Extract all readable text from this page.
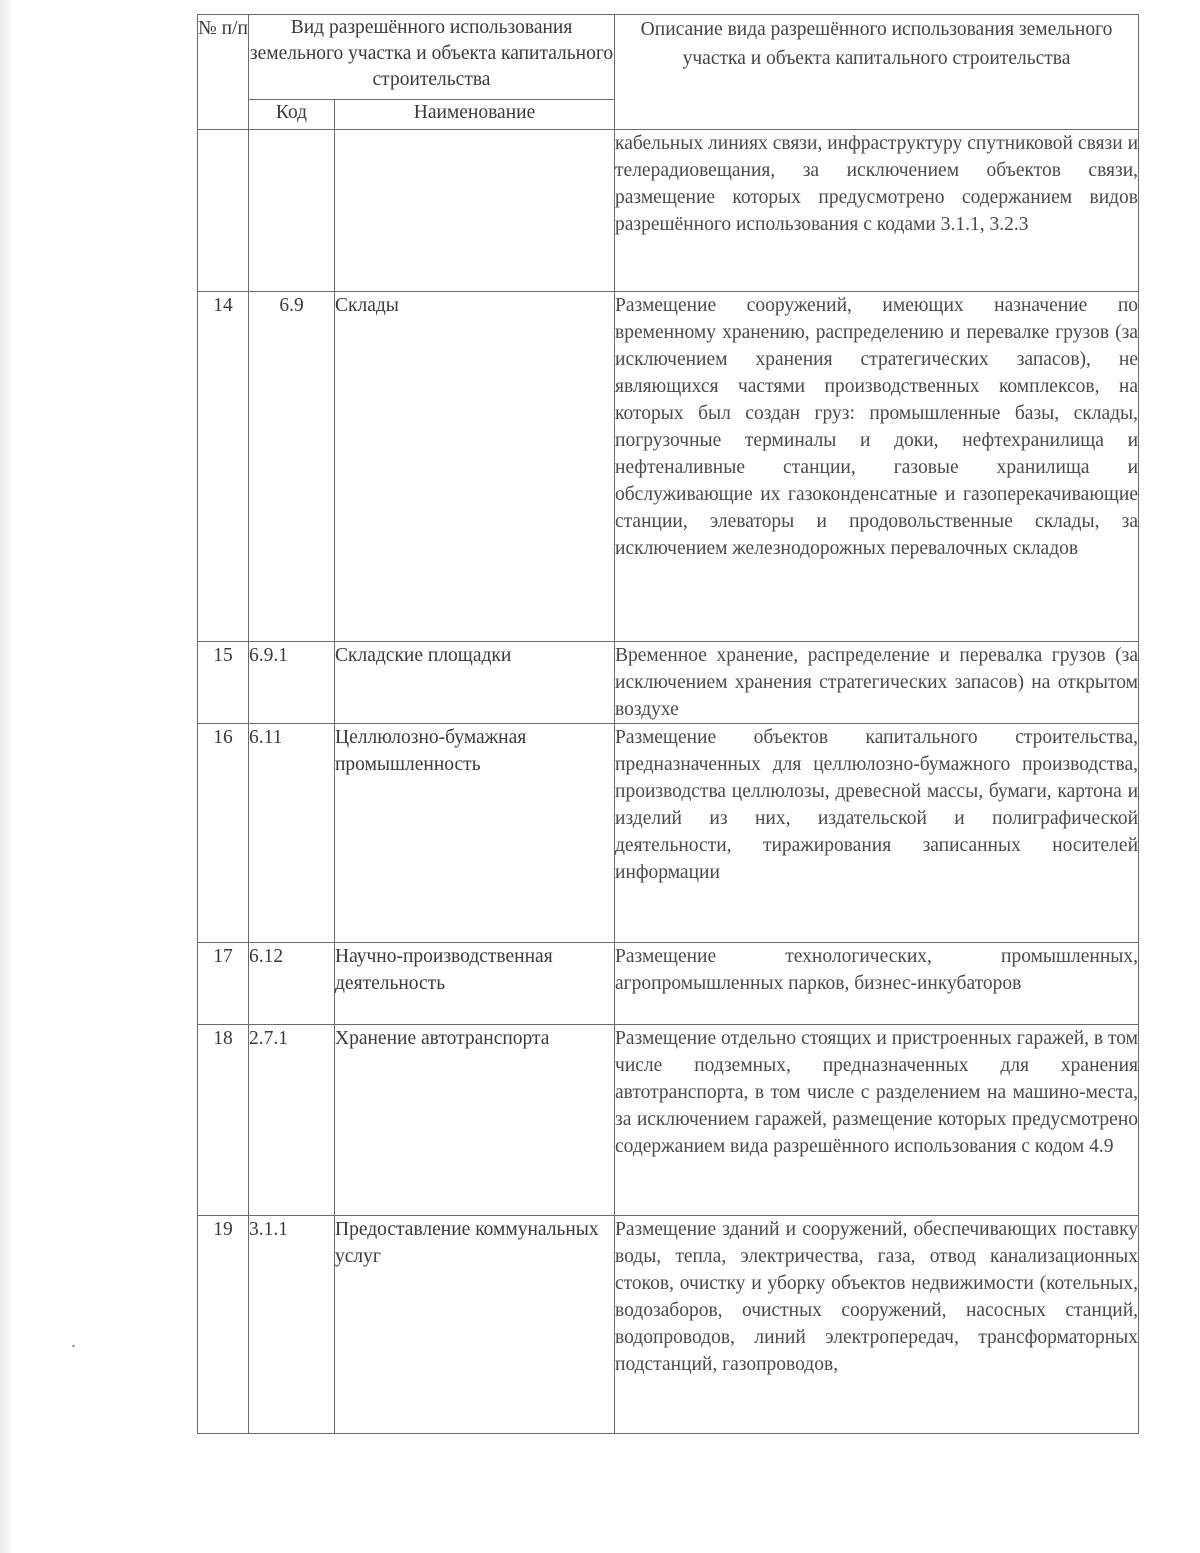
№ п/п	Вид разрешённого использования земельного участка и объекта капитального строительства		Описание вида разрешённого использования земельного участка и объекта капитального строительства
	Код	Наименование	
			кабельных линиях связи, инфраструктуру спутниковой связи и телерадиовещания, за исключением объектов связи, размещение которых предусмотрено содержанием видов разрешённого использования с кодами 3.1.1, 3.2.3
14	6.9	Склады	Размещение сооружений, имеющих назначение по временному хранению, распределению и перевалке грузов (за исключением хранения стратегических запасов), не являющихся частями производственных комплексов, на которых был создан груз: промышленные базы, склады, погрузочные терминалы и доки, нефтехранилища и нефтеналивные станции, газовые хранилища и обслуживающие их газоконденсатные и газоперекачивающие станции, элеваторы и продовольственные склады, за исключением железнодорожных перевалочных складов
15	6.9.1	Складские площадки	Временное хранение, распределение и перевалка грузов (за исключением хранения стратегических запасов) на открытом воздухе
16	6.11	Целлюлозно-бумажная промышленность	Размещение объектов капитального строительства, предназначенных для целлюлозно-бумажного производства, производства целлюлозы, древесной массы, бумаги, картона и изделий из них, издательской и полиграфической деятельности, тиражирования записанных носителей информации
17	6.12	Научно-производственная деятельность	Размещение технологических, промышленных, агропромышленных парков, бизнес-инкубаторов
18	2.7.1	Хранение автотранспорта	Размещение отдельно стоящих и пристроенных гаражей, в том числе подземных, предназначенных для хранения автотранспорта, в том числе с разделением на машино-места, за исключением гаражей, размещение которых предусмотрено содержанием вида разрешённого использования с кодом 4.9
19	3.1.1	Предоставление коммунальных услуг	Размещение зданий и сооружений, обеспечивающих поставку воды, тепла, электричества, газа, отвод канализационных стоков, очистку и уборку объектов недвижимости (котельных, водозаборов, очистных сооружений, насосных станций, водопроводов, линий электропередач, трансформаторных подстанций, газопроводов,
